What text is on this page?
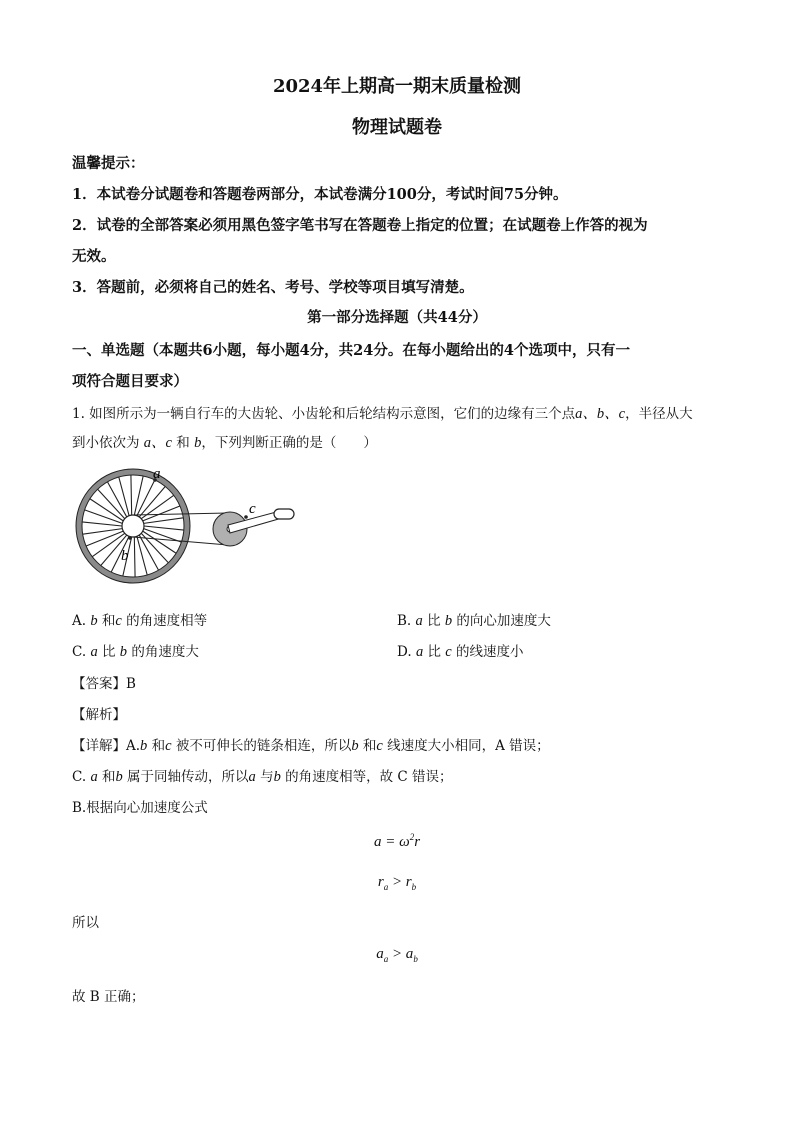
2024年上期高一期末质量检测
物理试题卷
温馨提示：
1．本试卷分试题卷和答题卷两部分，本试卷满分100分，考试时间75分钟。
2．试卷的全部答案必须用黑色签字笔书写在答题卷上指定的位置；在试题卷上作答的视为
无效。
3．答题前，必须将自己的姓名、考号、学校等项目填写清楚。
第一部分选择题（共44分）
一、单选题（本题共6小题，每小题4分，共24分。在每小题给出的4个选项中，只有一
项符合题目要求）
1. 如图所示为一辆自行车的大齿轮、小齿轮和后轮结构示意图，它们的边缘有三个点a、b、c，半径从大
到小依次为 a、c 和 b，下列判断正确的是（　　）
a
c
b
A. b 和c 的角速度相等	B. a 比 b 的向心加速度大
C. a 比 b 的角速度大	D. a 比 c 的线速度小
【答案】B
【解析】
【详解】A.b 和c 被不可伸长的链条相连，所以b 和c 线速度大小相同，A 错误；
C. a 和b 属于同轴传动，所以a 与b 的角速度相等，故 C 错误；
B.根据向心加速度公式
$a = \omega^2r$
$r_a > r_b$
所以
$a_a > a_b$
故 B 正确；
